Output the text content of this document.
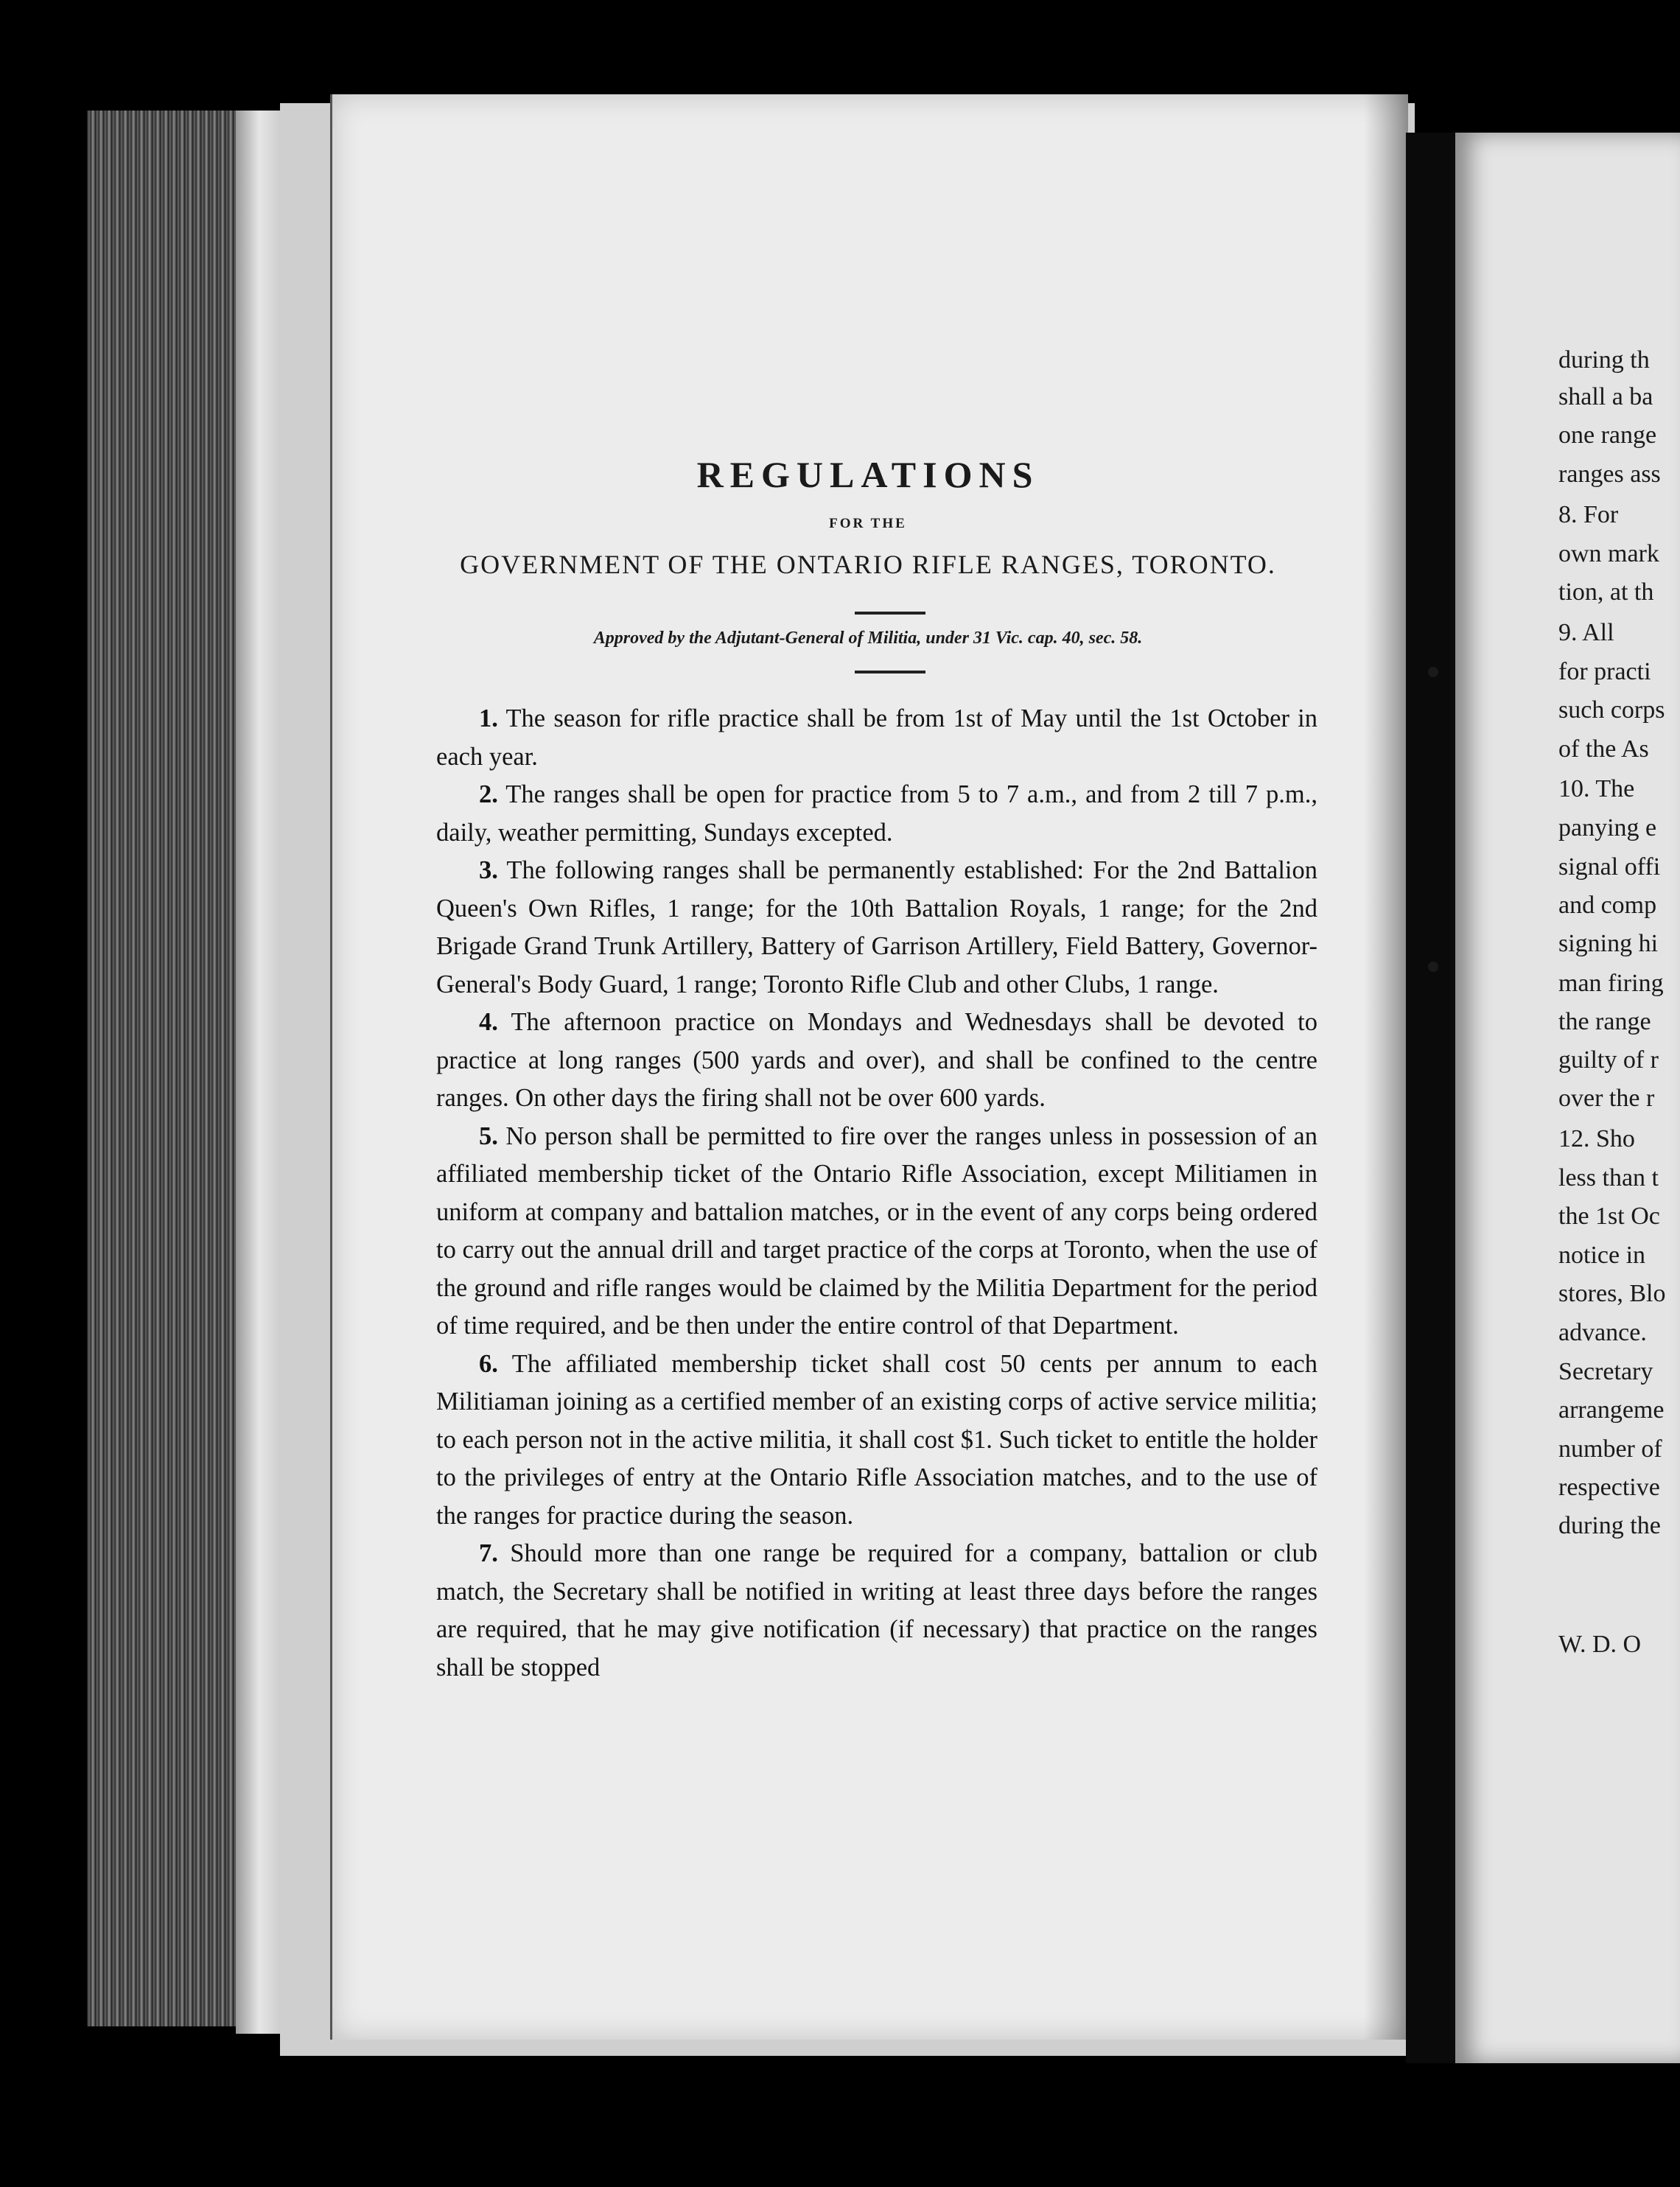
during th
shall a ba
one range
ranges ass
8. For
own mark
tion, at th
9. All
for practi
such corps
of the As
10. The
panying e
signal offi
and comp
signing hi
man firing
the range
guilty of r
over the r
12. Sho
less than t
the 1st Oc
notice in
stores, Blo
advance.
Secretary
arrangeme
number of
respective
during the
W. D. O
REGULATIONS
FOR THE
GOVERNMENT OF THE ONTARIO RIFLE RANGES, TORONTO.
Approved by the Adjutant-General of Militia, under 31 Vic. cap. 40, sec. 58.

1. The season for rifle practice shall be from 1st of May until the 1st October in each year.

2. The ranges shall be open for practice from 5 to 7 a.m., and from 2 till 7 p.m., daily, weather permitting, Sundays excepted.

3. The following ranges shall be permanently established: For the 2nd Battalion Queen's Own Rifles, 1 range; for the 10th Battalion Royals, 1 range; for the 2nd Brigade Grand Trunk Artillery, Battery of Garrison Artillery, Field Battery, Governor-General's Body Guard, 1 range; Toronto Rifle Club and other Clubs, 1 range.

4. The afternoon practice on Mondays and Wednesdays shall be devoted to practice at long ranges (500 yards and over), and shall be confined to the centre ranges. On other days the firing shall not be over 600 yards.

5. No person shall be permitted to fire over the ranges unless in possession of an affiliated membership ticket of the Ontario Rifle Association, except Militiamen in uniform at company and battalion matches, or in the event of any corps being ordered to carry out the annual drill and target practice of the corps at Toronto, when the use of the ground and rifle ranges would be claimed by the Militia Department for the period of time required, and be then under the entire control of that Department.

6. The affiliated membership ticket shall cost 50 cents per annum to each Militiaman joining as a certified member of an existing corps of active service militia; to each person not in the active militia, it shall cost $1. Such ticket to entitle the holder to the privileges of entry at the Ontario Rifle Association matches, and to the use of the ranges for practice during the season.

7. Should more than one range be required for a company, battalion or club match, the Secretary shall be notified in writing at least three days before the ranges are required, that he may give notification (if necessary) that practice on the ranges shall be stopped
